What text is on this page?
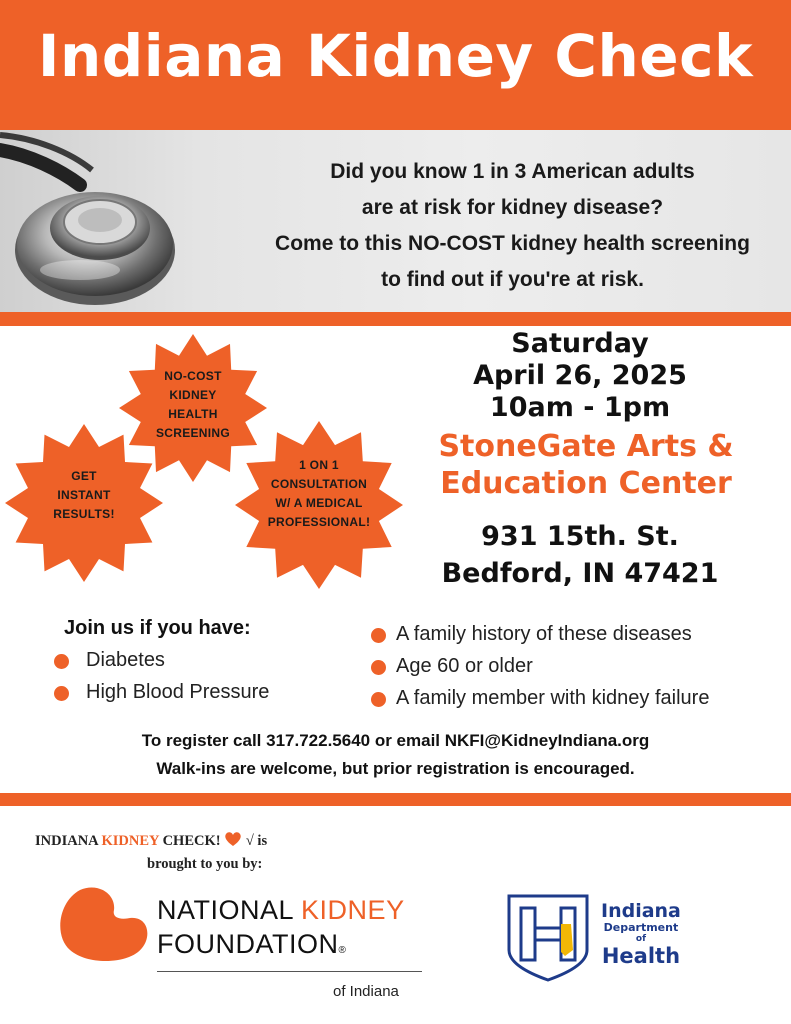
Indiana Kidney Check
Did you know 1 in 3 American adults
are at risk for kidney disease?
Come to this NO-COST kidney health screening
to find out if you're at risk.
NO-COST
KIDNEY
HEALTH
SCREENING
GET
INSTANT
RESULTS!
1 ON 1
CONSULTATION
W/ A MEDICAL
PROFESSIONAL!
Saturday
April 26, 2025
10am - 1pm
StoneGate Arts &
Education Center
931 15th. St.
Bedford, IN 47421
Join us if you have:
Diabetes
High Blood Pressure
A family history of these diseases
Age 60 or older
A family member with kidney failure
To register call 317.722.5640 or email NKFI@KidneyIndiana.org
Walk-ins are welcome, but prior registration is encouraged.
INDIANA KIDNEY CHECK! √ is
brought to you by:
NATIONAL KIDNEY
FOUNDATION®
of Indiana
Indiana
Department
of
Health
